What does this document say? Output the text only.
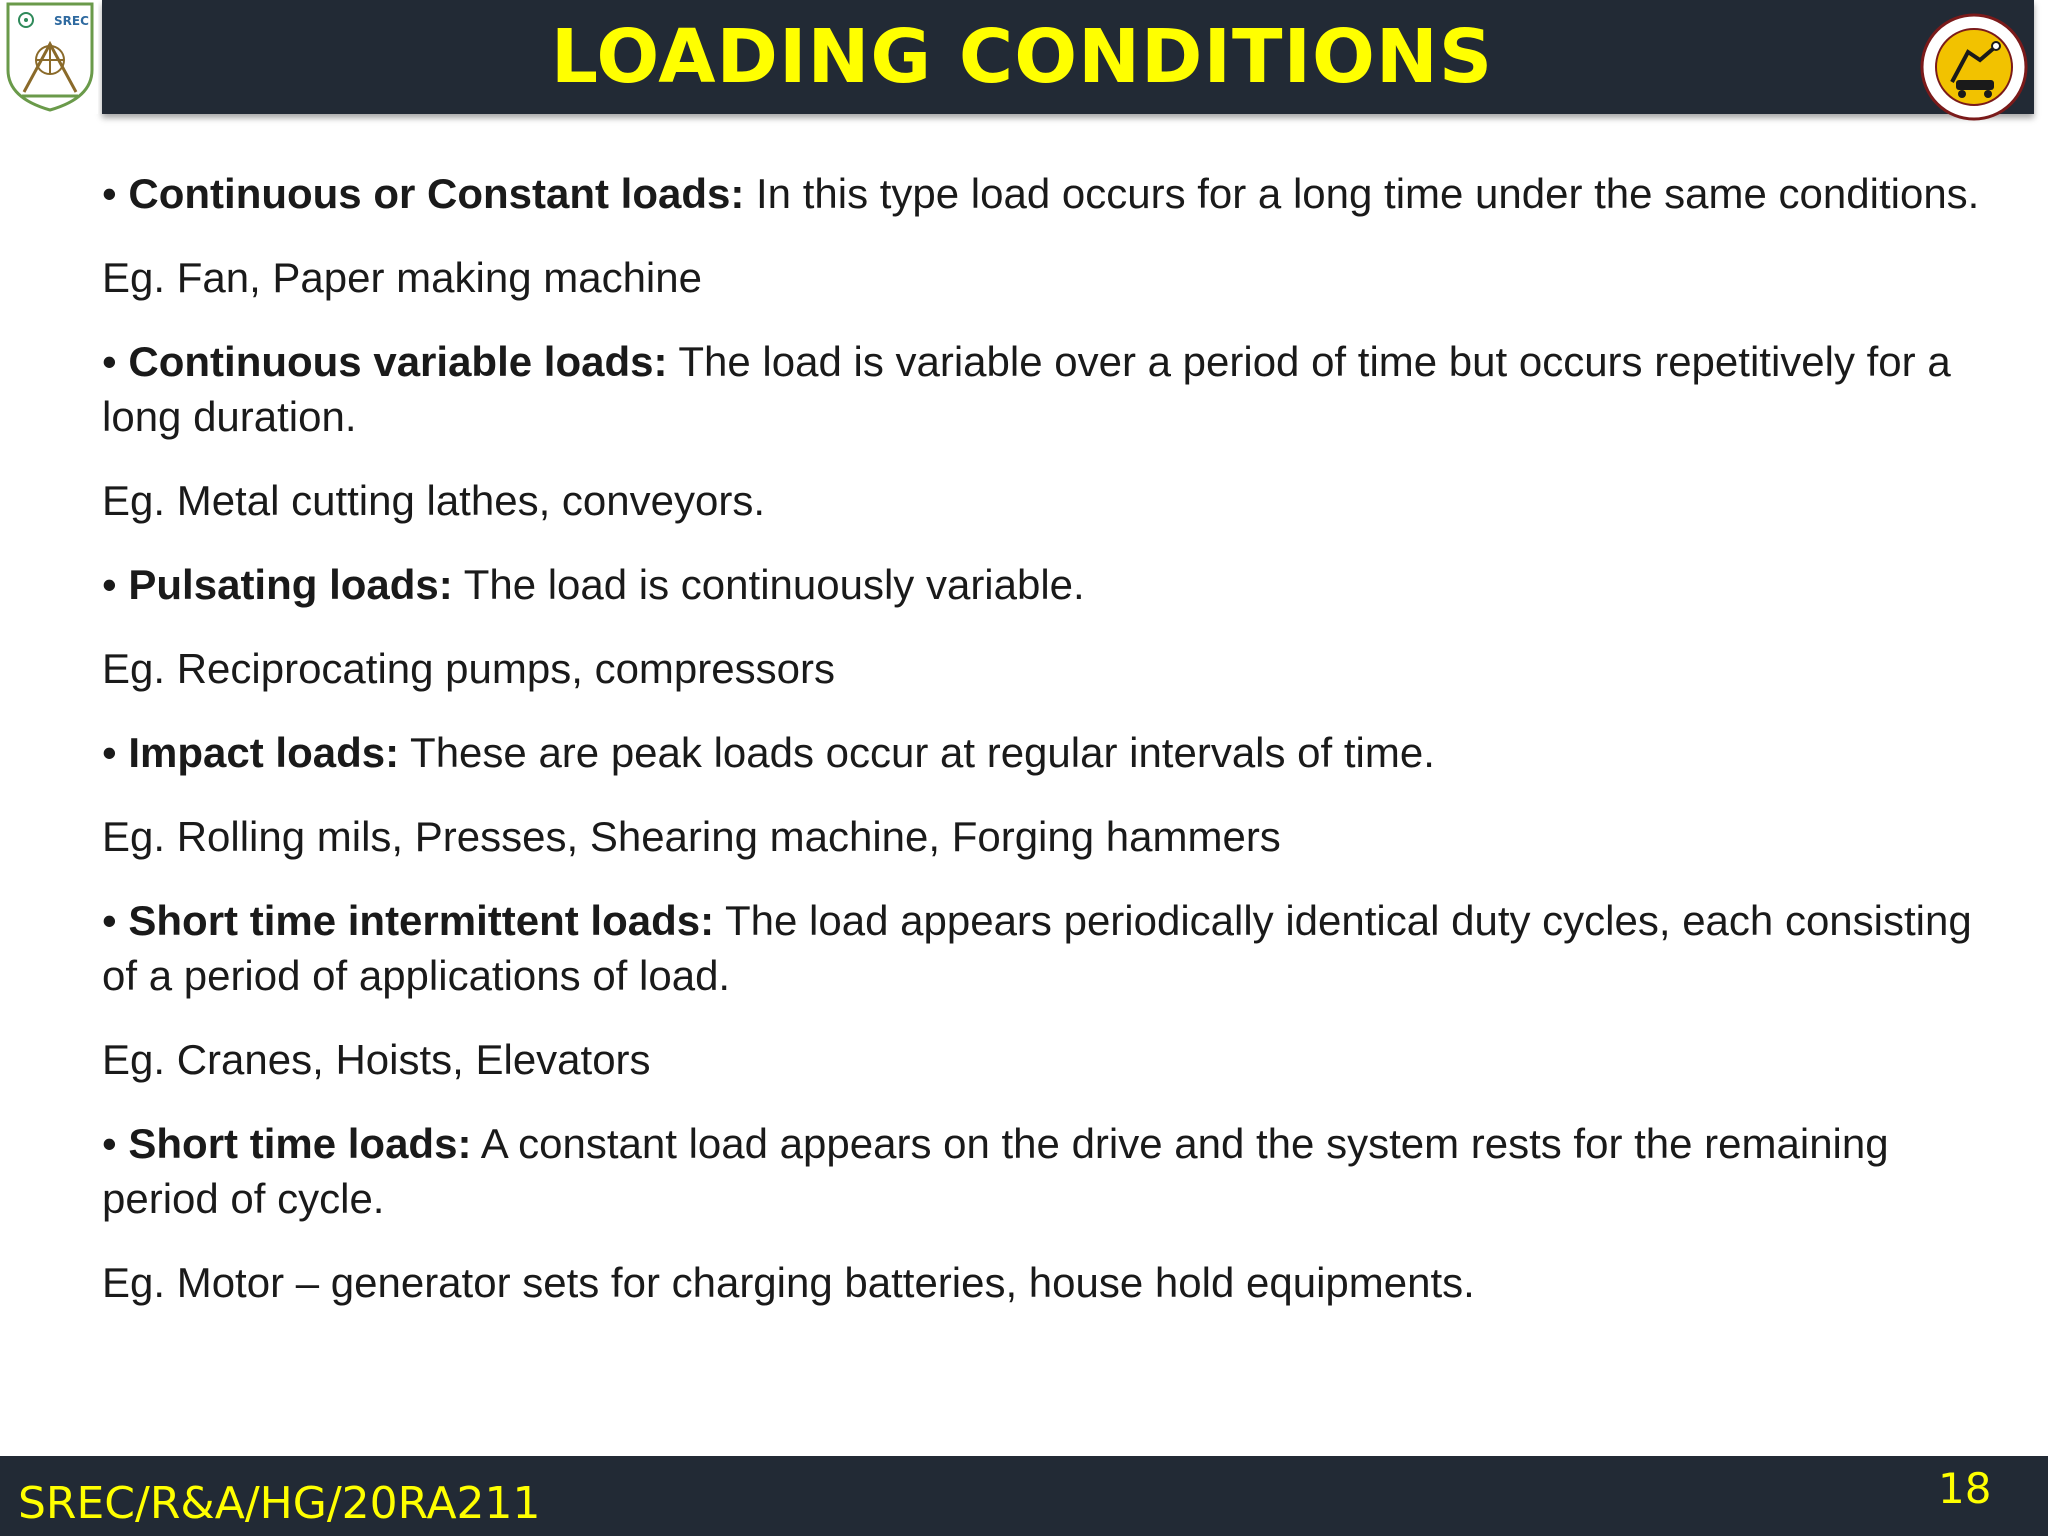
LOADING CONDITIONS
SREC
• Continuous or Constant loads: In this type load occurs for a long time under the same conditions.
Eg. Fan, Paper making machine
• Continuous variable loads: The load is variable over a period of time but occurs repetitively for a long duration.
Eg. Metal cutting lathes, conveyors.
• Pulsating loads: The load is continuously variable.
Eg. Reciprocating pumps, compressors
• Impact loads: These are peak loads occur at regular intervals of time.
Eg. Rolling mils, Presses, Shearing machine, Forging hammers
• Short time intermittent loads: The load appears periodically identical duty cycles, each consisting of a period of applications of load.
Eg. Cranes, Hoists, Elevators
• Short time loads: A constant load appears on the drive and the system rests for the remaining period of cycle.
Eg. Motor – generator sets for charging batteries, house hold equipments.
SREC/R&A/HG/20RA211	18
